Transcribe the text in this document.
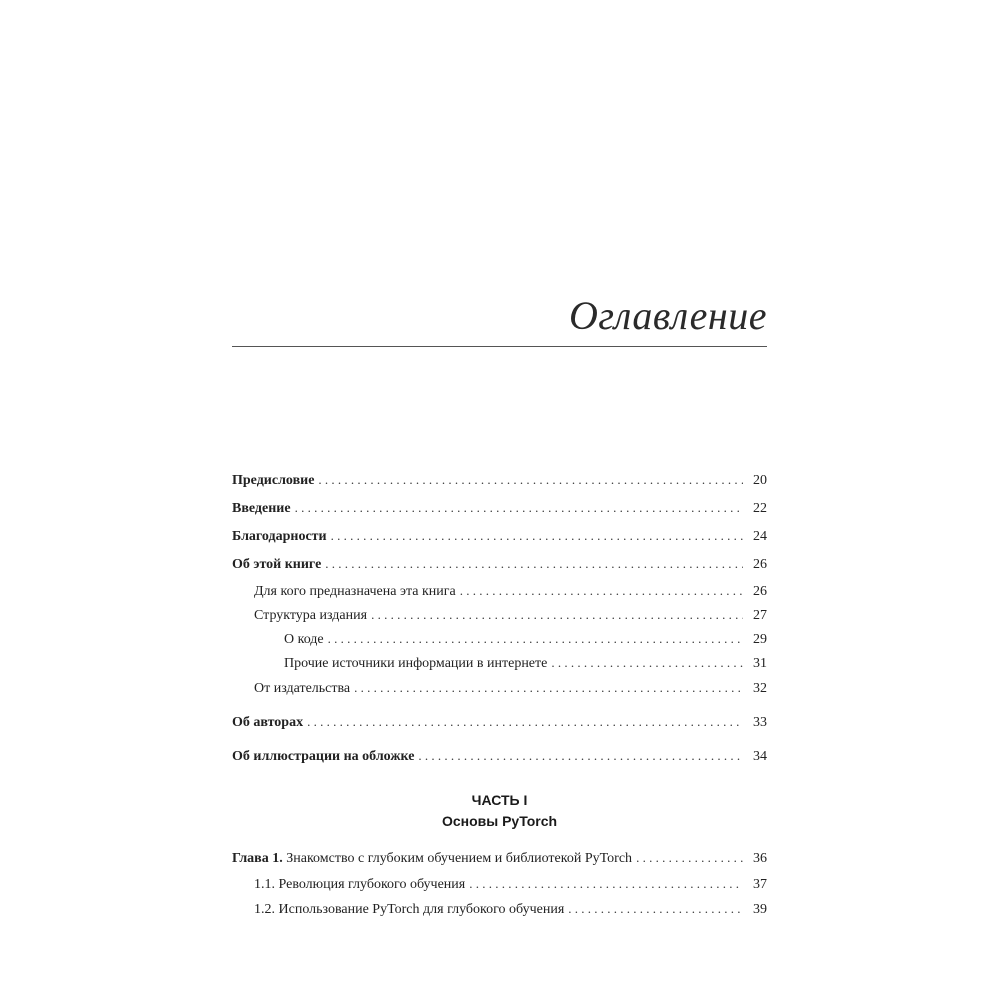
Оглавление
Предисловие . . .	20
Введение . . .	22
Благодарности . . .	24
Об этой книге . . .	26
Для кого предназначена эта книга . . .	26
Структура издания . . .	27
О коде . . .	29
Прочие источники информации в интернете . . .	31
От издательства . . .	32
Об авторах . . .	33
Об иллюстрации на обложке . . .	34
ЧАСТЬ I
Основы PyTorch
Глава 1. Знакомство с глубоким обучением и библиотекой PyTorch . . .	36
1.1. Революция глубокого обучения . . .	37
1.2. Использование PyTorch для глубокого обучения . . .	39
